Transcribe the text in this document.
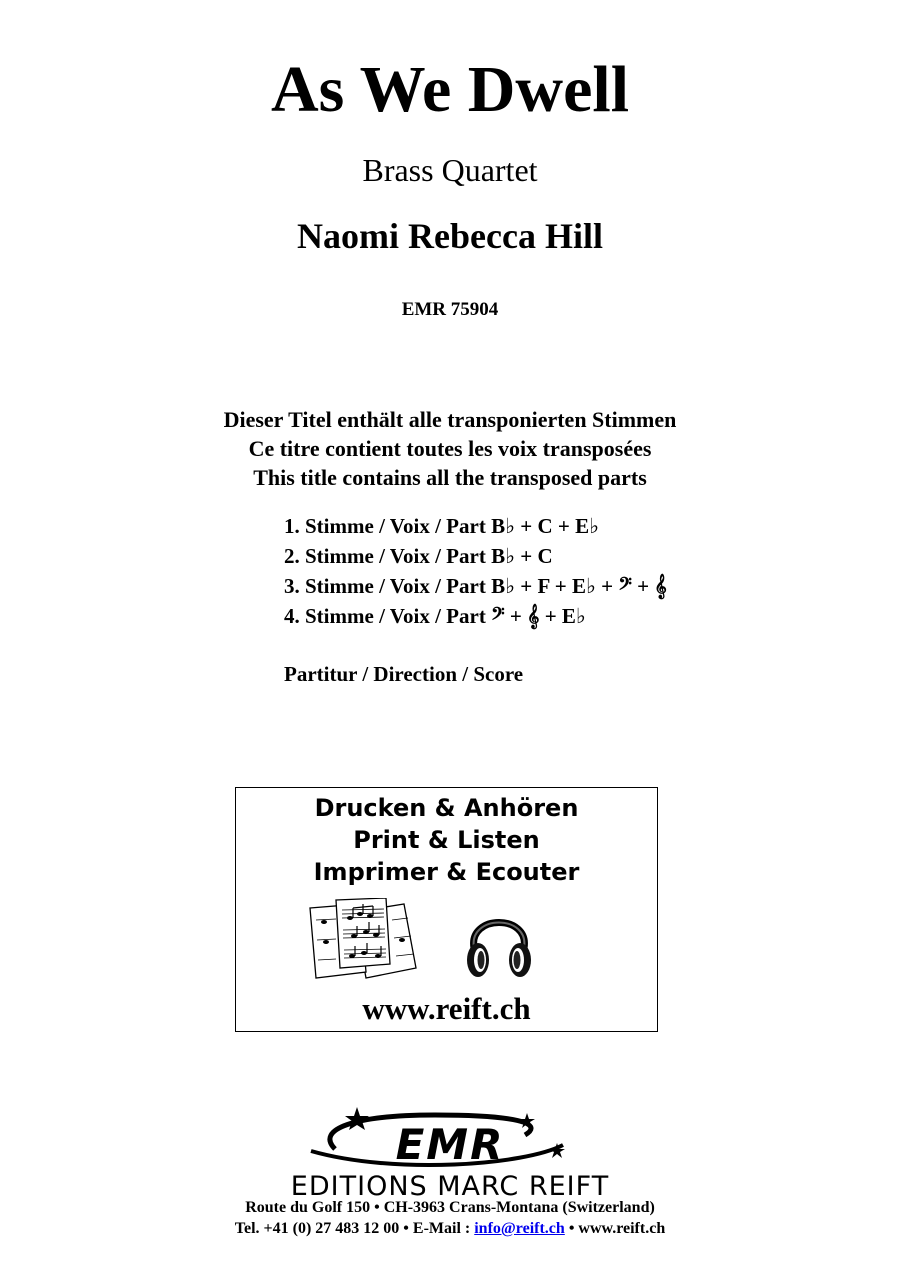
As We Dwell
Brass Quartet
Naomi Rebecca Hill
EMR 75904
Dieser Titel enthält alle transponierten Stimmen
Ce titre contient toutes les voix transposées
This title contains all the transposed parts
1. Stimme / Voix / Part
B♭ + C + E♭
2. Stimme / Voix / Part
B♭ + C
3. Stimme / Voix / Part
B♭ + F + E♭ + 𝄢 + 𝄞
4. Stimme / Voix / Part
𝄢 + 𝄞 + E♭
Partitur / Direction / Score
Drucken & Anhören
Print & Listen
Imprimer & Ecouter
www.reift.ch
EMR
EDITIONS MARC REIFT
Route du Golf 150 • CH-3963 Crans-Montana (Switzerland)
Tel. +41 (0) 27 483 12 00 • E-Mail : info@reift.ch • www.reift.ch
